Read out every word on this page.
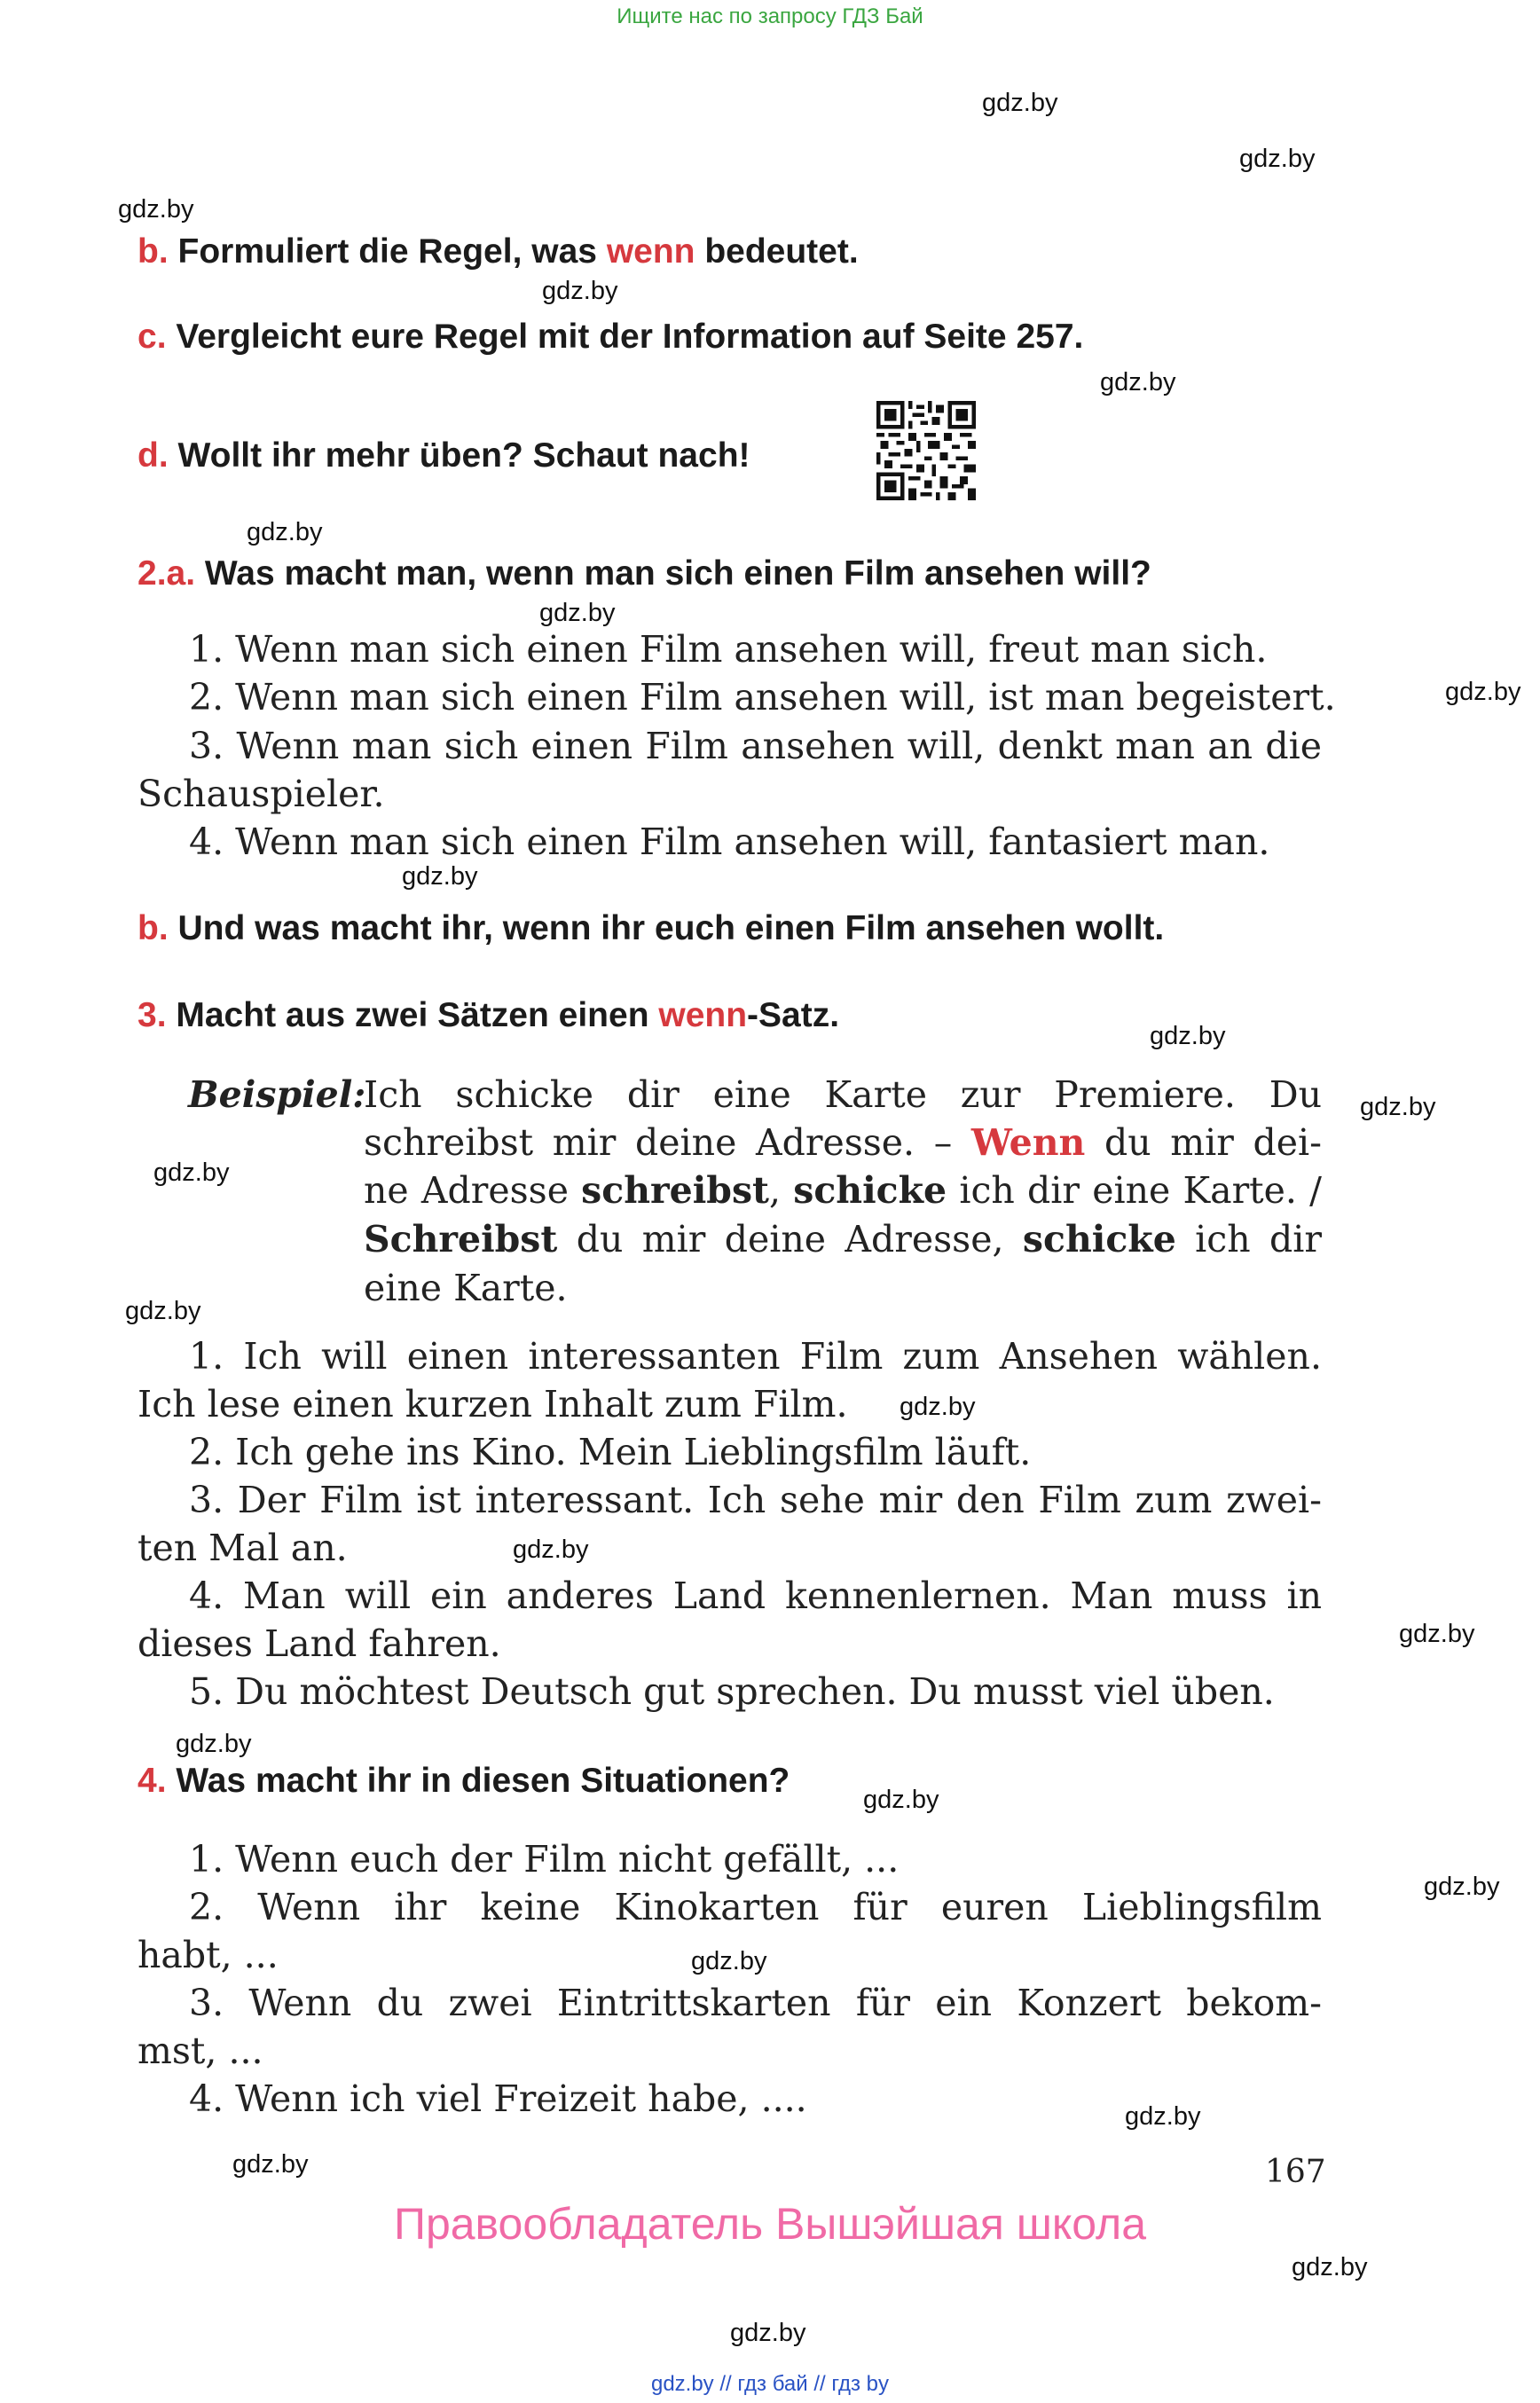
Ищите нас по запросу ГДЗ Бай
gdz.by
gdz.by
gdz.by
gdz.by
gdz.by
gdz.by
gdz.by
gdz.by
gdz.by
gdz.by
gdz.by
gdz.by
gdz.by
gdz.by
gdz.by
gdz.by
gdz.by
gdz.by
gdz.by
gdz.by
gdz.by
gdz.by
gdz.by
gdz.by
b. Formuliert die Regel, was wenn bedeutet.
c. Vergleicht eure Regel mit der Information auf Seite 257.
d. Wollt ihr mehr üben? Schaut nach!
2.a. Was macht man, wenn man sich einen Film ansehen will?
1. Wenn man sich einen Film ansehen will, freut man sich.
2. Wenn man sich einen Film ansehen will, ist man begeistert.
3. Wenn man sich einen Film ansehen will, denkt man an die
Schauspieler.
4. Wenn man sich einen Film ansehen will, fantasiert man.
b. Und was macht ihr, wenn ihr euch einen Film ansehen wollt.
3. Macht aus zwei Sätzen einen wenn-Satz.
Beispiel:
Ich schicke dir eine Karte zur Premiere. Du
schreibst mir deine Adresse. – Wenn du mir dei-
ne Adresse schreibst, schicke ich dir eine Karte. /
Schreibst du mir deine Adresse, schicke ich dir
eine Karte.
1. Ich will einen interessanten Film zum Ansehen wählen.
Ich lese einen kurzen Inhalt zum Film.
2. Ich gehe ins Kino. Mein Lieblingsfilm läuft.
3. Der Film ist interessant. Ich sehe mir den Film zum zwei-
ten Mal an.
4. Man will ein anderes Land kennenlernen. Man muss in
dieses Land fahren.
5. Du möchtest Deutsch gut sprechen. Du musst viel üben.
4. Was macht ihr in diesen Situationen?
1. Wenn euch der Film nicht gefällt, ...
2. Wenn ihr keine Kinokarten für euren Lieblingsfilm
habt, ...
3. Wenn du zwei Eintrittskarten für ein Konzert bekom-
mst, ...
4. Wenn ich viel Freizeit habe, ....
167
Правообладатель Вышэйшая школа
gdz.by // гдз бай // гдз by
